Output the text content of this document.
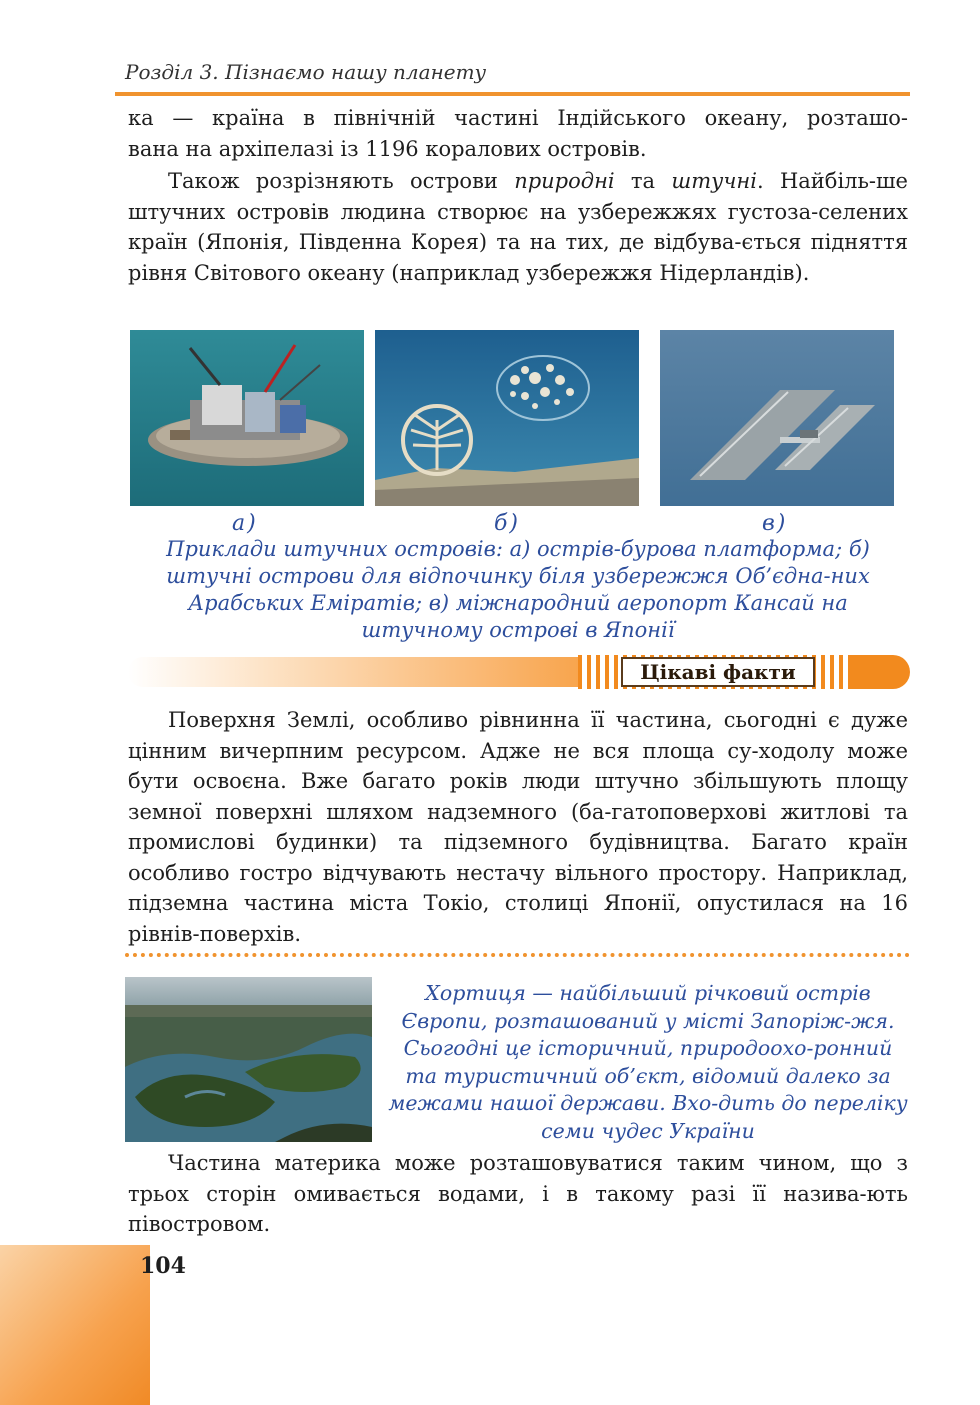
Розділ 3. Пізнаємо нашу планету

ка — країна в північній частині Індійського океану, розташо-

вана на архіпелазі із 1196 коралових островів.

Також розрізняють острови природні та штучні. Найбіль-ше штучних островів людина створює на узбережжях густоза-селених країн (Японія, Південна Корея) та на тих, де відбува-ється підняття рівня Світового океану (наприклад узбережжя Нідерландів).
а)	б)	в)

Приклади штучних островів: а) острів-бурова платформа; б) штучні острови для відпочинку біля узбережжя Об’єдна-них Арабських Еміратів; в) міжнародний аеропорт Кансай на штучному острові в Японії

Цікаві факти
Поверхня Землі, особливо рівнинна її частина, сьогодні є дуже цінним вичерпним ресурсом. Адже не вся площа су-ходолу може бути освоєна. Вже багато років люди штучно збільшують площу земної поверхні шляхом надземного (ба-гатоповерхові житлові та промислові будинки) та підземного будівництва. Багато країн особливо гостро відчувають нестачу вільного простору. Наприклад, підземна частина міста Токіо, столиці Японії, опустилася на 16 рівнів-поверхів.

Хортиця — найбільший річковий острів Європи, розташований у місті Запоріж-жя. Сьогодні це історичний, природоохо-ронний та туристичний об’єкт, відомий далеко за межами нашої держави. Вхо-дить до переліку семи чудес України

Частина материка може розташовуватися таким чином, що з трьох сторін омивається водами, і в такому разі її назива-ють півостровом.
104
